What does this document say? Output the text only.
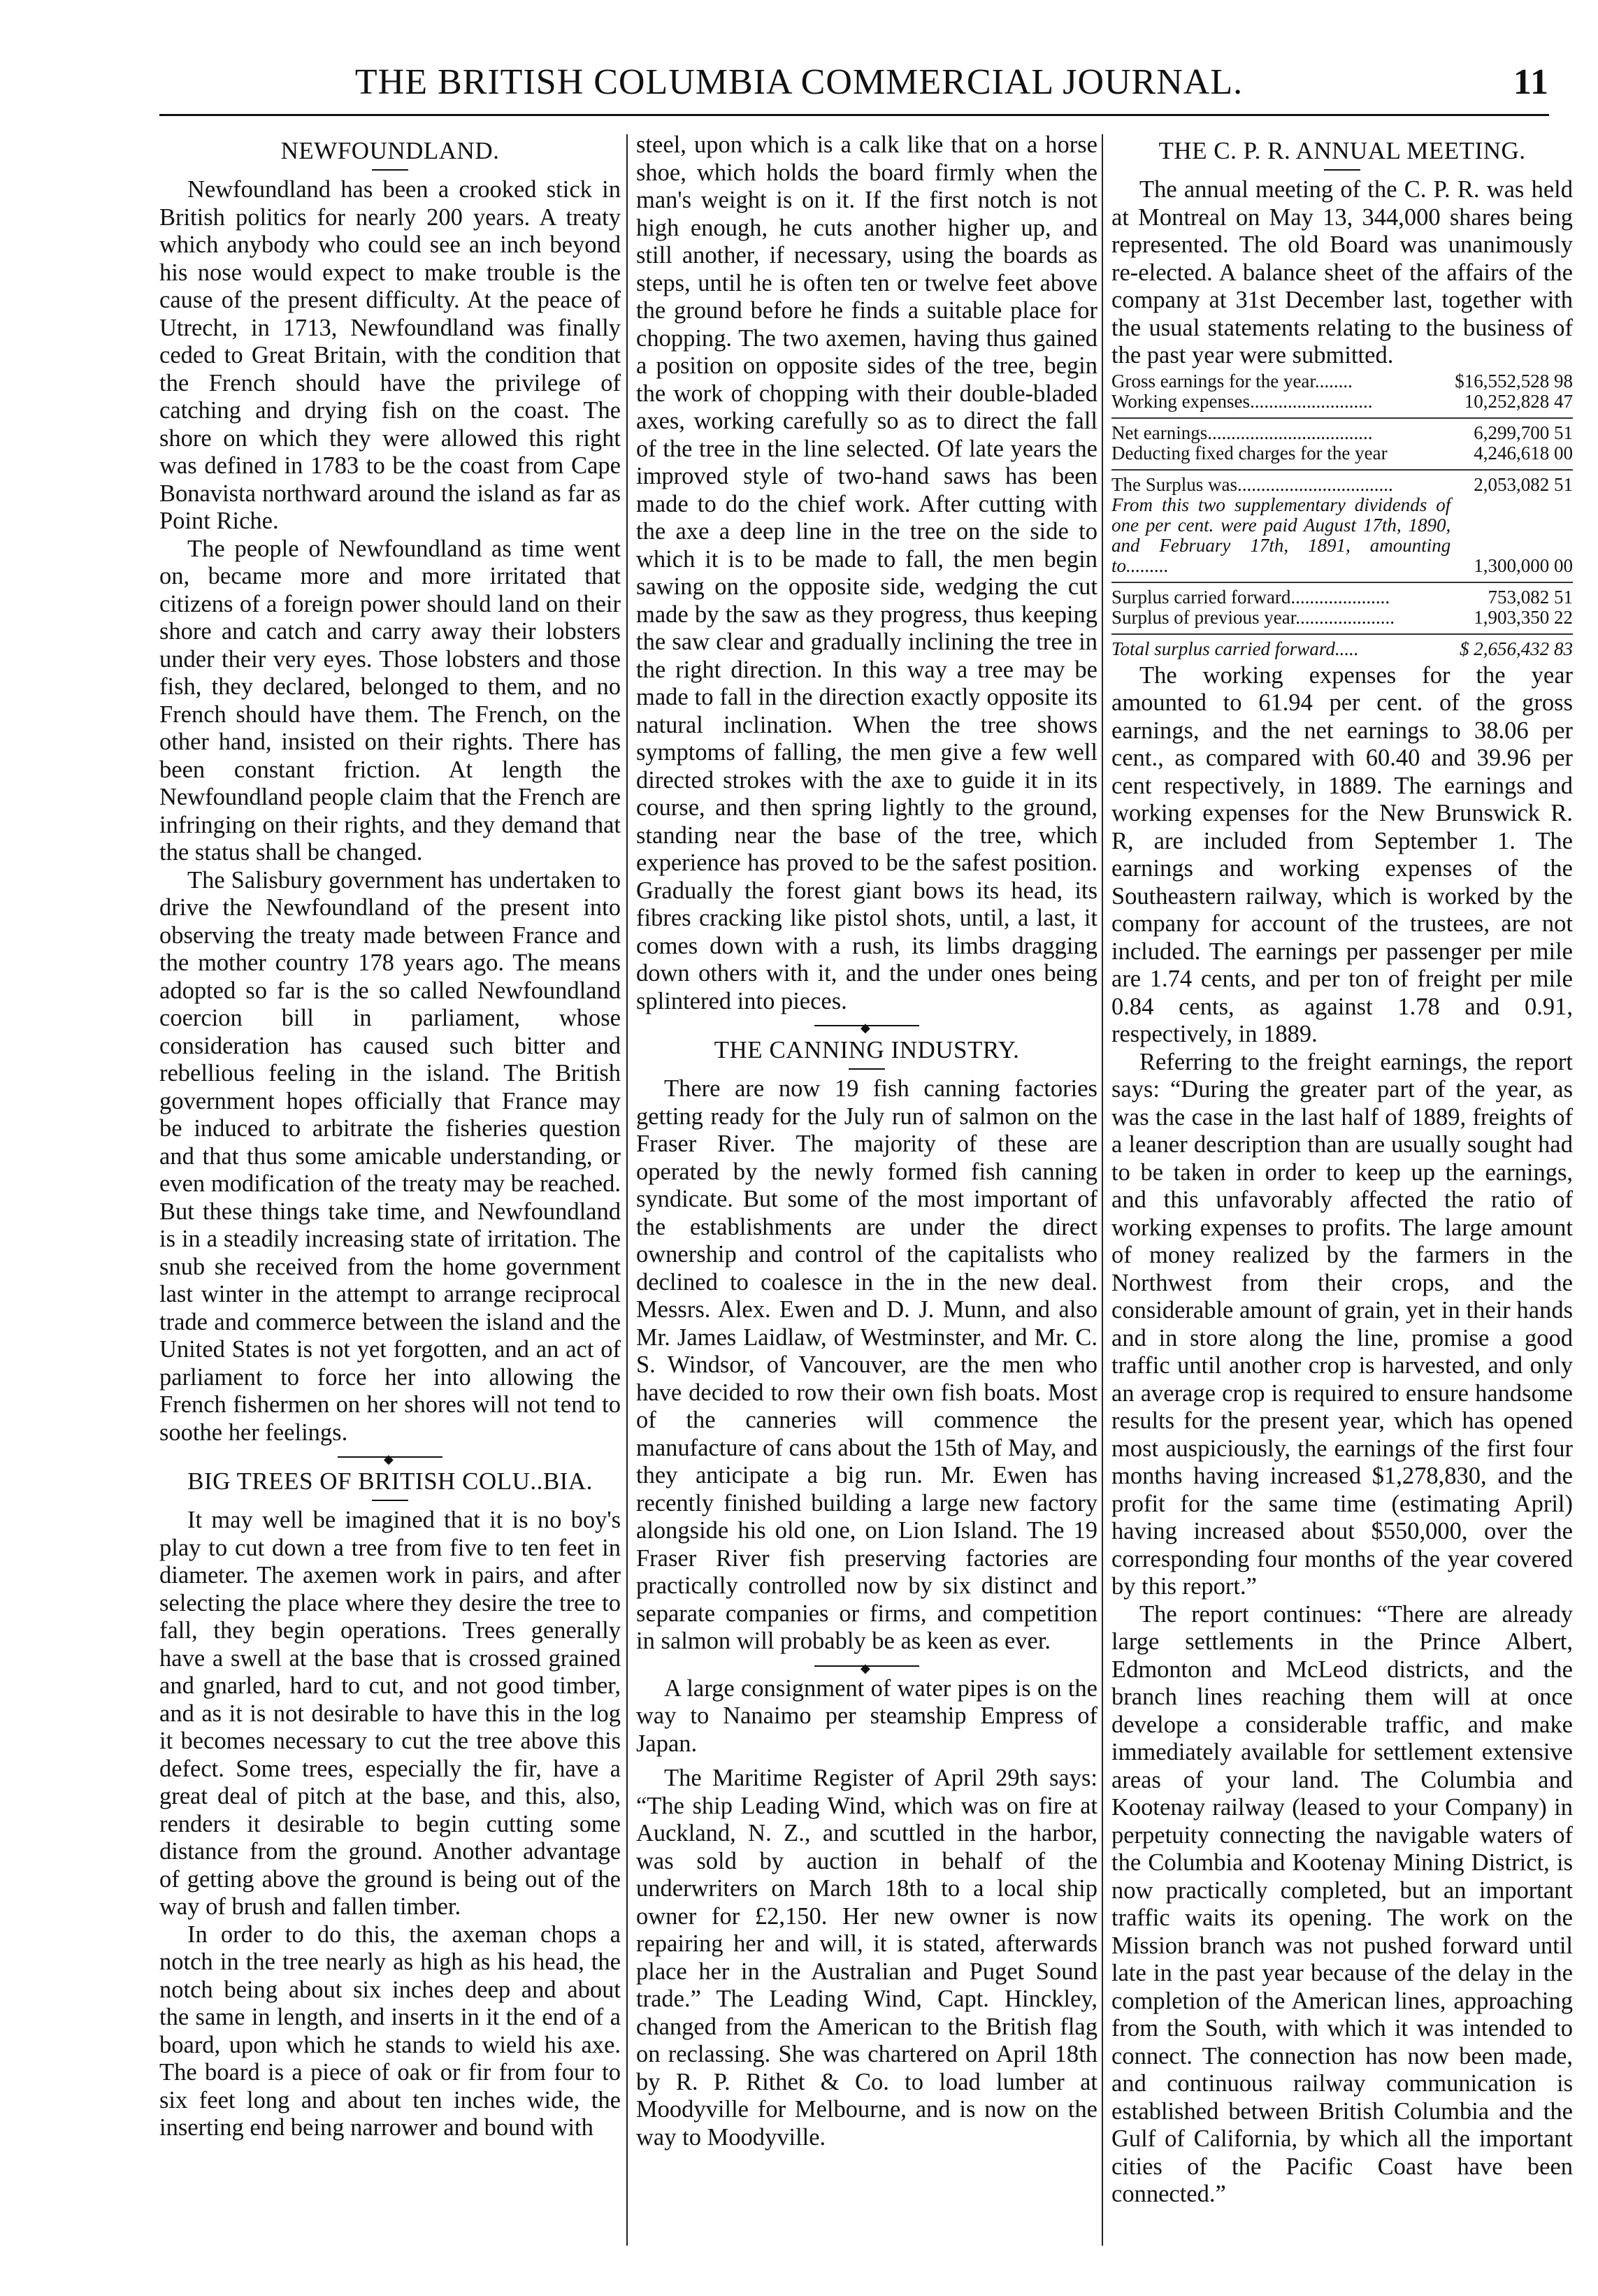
THE BRITISH COLUMBIA COMMERCIAL JOURNAL.	11
NEWFOUNDLAND.

Newfoundland has been a crooked stick in British politics for nearly 200 years. A treaty which anybody who could see an inch beyond his nose would expect to make trouble is the cause of the present difficulty. At the peace of Utrecht, in 1713, Newfoundland was finally ceded to Great Britain, with the condition that the French should have the privilege of catching and drying fish on the coast. The shore on which they were allowed this right was defined in 1783 to be the coast from Cape Bonavista northward around the island as far as Point Riche.

The people of Newfoundland as time went on, became more and more irritated that citizens of a foreign power should land on their shore and catch and carry away their lobsters under their very eyes. Those lobsters and those fish, they declared, belonged to them, and no French should have them. The French, on the other hand, insisted on their rights. There has been constant friction. At length the Newfoundland people claim that the French are infringing on their rights, and they demand that the status shall be changed.

The Salisbury government has undertaken to drive the Newfoundland of the present into observing the treaty made between France and the mother country 178 years ago. The means adopted so far is the so called Newfoundland coercion bill in parliament, whose consideration has caused such bitter and rebellious feeling in the island. The British government hopes officially that France may be induced to arbitrate the fisheries question and that thus some amicable understanding, or even modification of the treaty may be reached. But these things take time, and Newfoundland is in a steadily increasing state of irritation. The snub she received from the home government last winter in the attempt to arrange reciprocal trade and commerce between the island and the United States is not yet forgotten, and an act of parliament to force her into allowing the French fishermen on her shores will not tend to soothe her feelings.

◆
BIG TREES OF BRITISH COLU..BIA.

It may well be imagined that it is no boy's play to cut down a tree from five to ten feet in diameter. The axemen work in pairs, and after selecting the place where they desire the tree to fall, they begin operations. Trees generally have a swell at the base that is crossed grained and gnarled, hard to cut, and not good timber, and as it is not desirable to have this in the log it becomes necessary to cut the tree above this defect. Some trees, especially the fir, have a great deal of pitch at the base, and this, also, renders it desirable to begin cutting some distance from the ground. Another advantage of getting above the ground is being out of the way of brush and fallen timber.

In order to do this, the axeman chops a notch in the tree nearly as high as his head, the notch being about six inches deep and about the same in length, and inserts in it the end of a board, upon which he stands to wield his axe. The board is a piece of oak or fir from four to six feet long and about ten inches wide, the inserting end being narrower and bound with

steel, upon which is a calk like that on a horse shoe, which holds the board firmly when the man's weight is on it. If the first notch is not high enough, he cuts another higher up, and still another, if necessary, using the boards as steps, until he is often ten or twelve feet above the ground before he finds a suitable place for chopping. The two axemen, having thus gained a position on opposite sides of the tree, begin the work of chopping with their double-bladed axes, working carefully so as to direct the fall of the tree in the line selected. Of late years the improved style of two-hand saws has been made to do the chief work. After cutting with the axe a deep line in the tree on the side to which it is to be made to fall, the men begin sawing on the opposite side, wedging the cut made by the saw as they progress, thus keeping the saw clear and gradually inclining the tree in the right direction. In this way a tree may be made to fall in the direction exactly opposite its natural inclination. When the tree shows symptoms of falling, the men give a few well directed strokes with the axe to guide it in its course, and then spring lightly to the ground, standing near the base of the tree, which experience has proved to be the safest position. Gradually the forest giant bows its head, its fibres cracking like pistol shots, until, a last, it comes down with a rush, its limbs dragging down others with it, and the under ones being splintered into pieces.

◆
THE CANNING INDUSTRY.

There are now 19 fish canning factories getting ready for the July run of salmon on the Fraser River. The majority of these are operated by the newly formed fish canning syndicate. But some of the most important of the establishments are under the direct ownership and control of the capitalists who declined to coalesce in the in the new deal. Messrs. Alex. Ewen and D. J. Munn, and also Mr. James Laidlaw, of Westminster, and Mr. C. S. Windsor, of Vancouver, are the men who have decided to row their own fish boats. Most of the canneries will commence the manufacture of cans about the 15th of May, and they anticipate a big run. Mr. Ewen has recently finished building a large new factory alongside his old one, on Lion Island. The 19 Fraser River fish preserving factories are practically controlled now by six distinct and separate companies or firms, and competition in salmon will probably be as keen as ever.

◆

A large consignment of water pipes is on the way to Nanaimo per steamship Empress of Japan.

The Maritime Register of April 29th says: “The ship Leading Wind, which was on fire at Auckland, N. Z., and scuttled in the harbor, was sold by auction in behalf of the underwriters on March 18th to a local ship owner for £2,150. Her new owner is now repairing her and will, it is stated, afterwards place her in the Australian and Puget Sound trade.” The Leading Wind, Capt. Hinckley, changed from the American to the British flag on reclassing. She was chartered on April 18th by R. P. Rithet & Co. to load lumber at Moodyville for Melbourne, and is now on the way to Moodyville.

THE C. P. R. ANNUAL MEETING.

The annual meeting of the C. P. R. was held at Montreal on May 13, 344,000 shares being represented. The old Board was unanimously re-elected. A balance sheet of the affairs of the company at 31st December last, together with the usual statements relating to the business of the past year were submitted.

Gross earnings for the year........	$16,552,528 98
Working expenses..........................	10,252,828 47
Net earnings...................................	6,299,700 51
Deducting fixed charges for the year	4,246,618 00
The Surplus was.................................	2,053,082 51
From this two supplementary dividends of one per cent. were paid August 17th, 1890, and February 17th, 1891, amounting to.........	1,300,000 00
Surplus carried forward.....................	753,082 51
Surplus of previous year.....................	1,903,350 22
Total surplus carried forward.....	$ 2,656,432 83

The working expenses for the year amounted to 61.94 per cent. of the gross earnings, and the net earnings to 38.06 per cent., as compared with 60.40 and 39.96 per cent respectively, in 1889. The earnings and working expenses for the New Brunswick R. R, are included from September 1. The earnings and working expenses of the Southeastern railway, which is worked by the company for account of the trustees, are not included. The earnings per passenger per mile are 1.74 cents, and per ton of freight per mile 0.84 cents, as against 1.78 and 0.91, respectively, in 1889.

Referring to the freight earnings, the report says: “During the greater part of the year, as was the case in the last half of 1889, freights of a leaner description than are usually sought had to be taken in order to keep up the earnings, and this unfavorably affected the ratio of working expenses to profits. The large amount of money realized by the farmers in the Northwest from their crops, and the considerable amount of grain, yet in their hands and in store along the line, promise a good traffic until another crop is harvested, and only an average crop is required to ensure handsome results for the present year, which has opened most auspiciously, the earnings of the first four months having increased $1,278,830, and the profit for the same time (estimating April) having increased about $550,000, over the corresponding four months of the year covered by this report.”

The report continues: “There are already large settlements in the Prince Albert, Edmonton and McLeod districts, and the branch lines reaching them will at once develope a considerable traffic, and make immediately available for settlement extensive areas of your land. The Columbia and Kootenay railway (leased to your Company) in perpetuity connecting the navigable waters of the Columbia and Kootenay Mining District, is now practically completed, but an important traffic waits its opening. The work on the Mission branch was not pushed forward until late in the past year because of the delay in the completion of the American lines, approaching from the South, with which it was intended to connect. The connection has now been made, and continuous railway communication is established between British Columbia and the Gulf of California, by which all the important cities of the Pacific Coast have been connected.”
